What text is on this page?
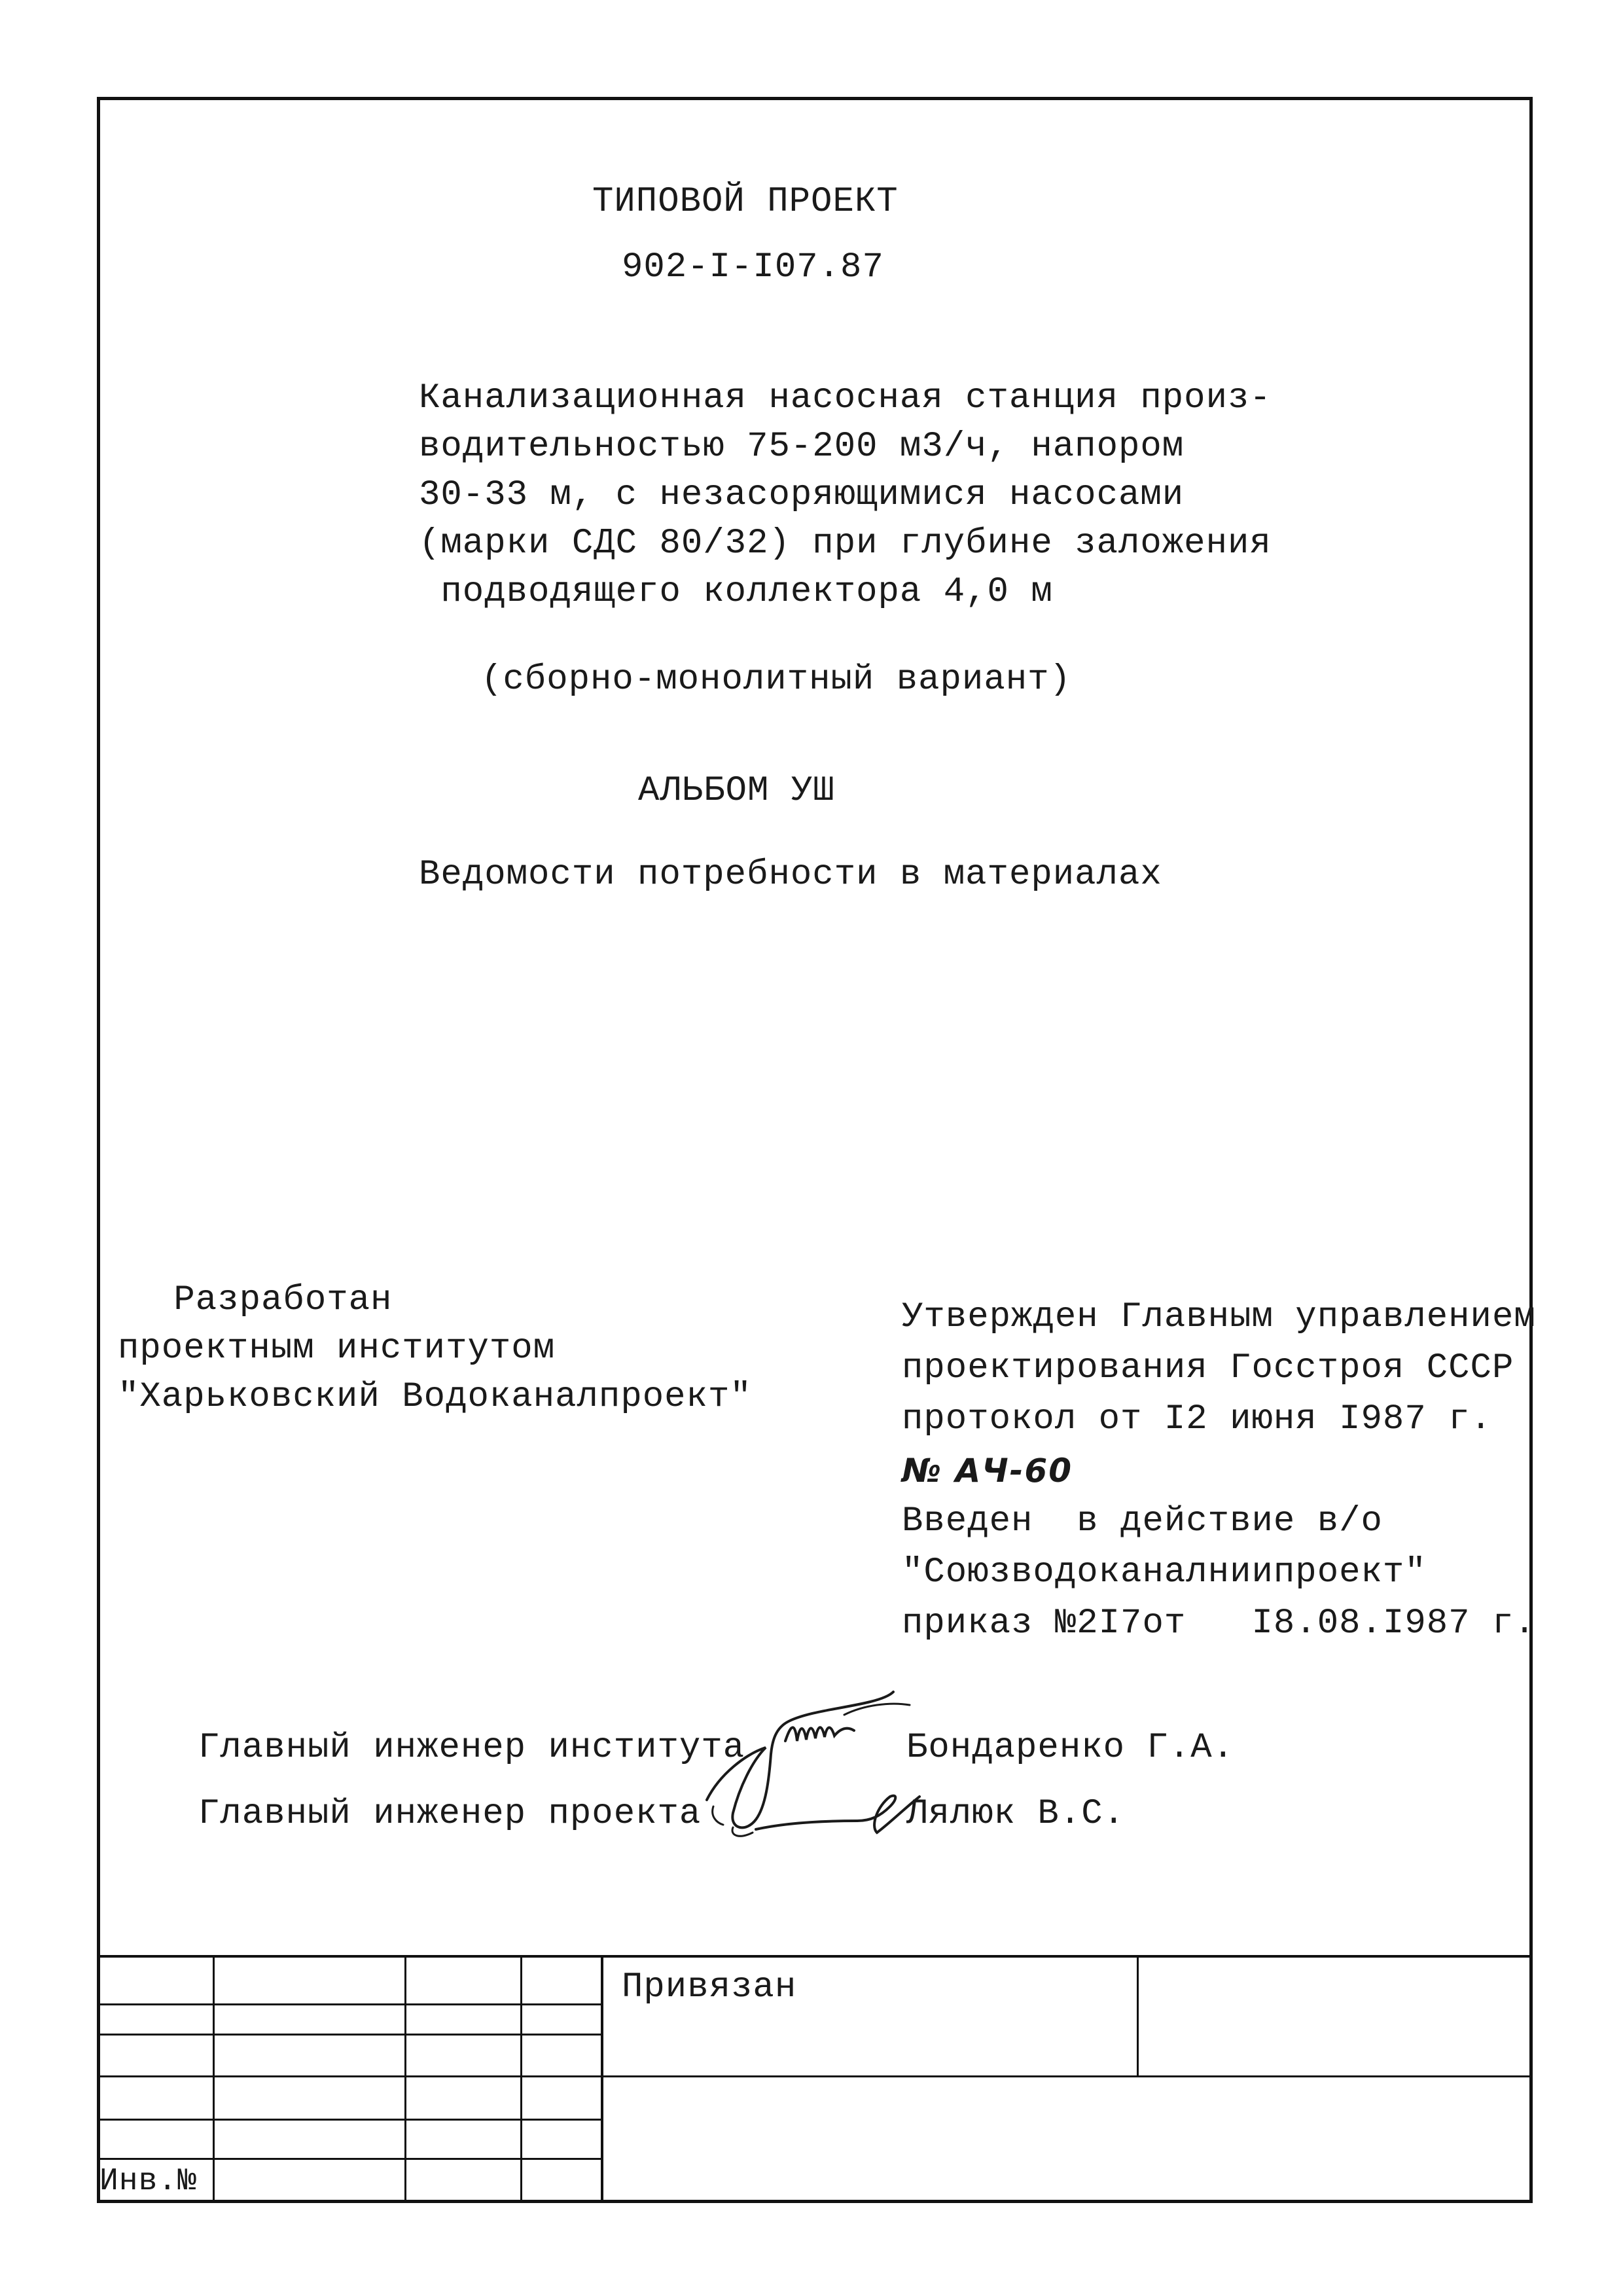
ТИПОВОЙ ПРОЕКТ
902-I-I07.87
Канализационная насосная станция произ-
водительностью 75-200 м3/ч, напором
30-33 м, с незасоряющимися насосами
(марки СДС 80/32) при глубине заложения
подводящего коллектора 4,0 м
(сборно-монолитный вариант)
АЛЬБОМ УШ
Ведомости потребности в материалах
Разработан
проектным институтом
"Харьковский Водоканалпроект"
Утвержден Главным управлением
проектирования Госстроя СССР
протокол от I2 июня I987 г.
№ АЧ-60
Введен  в действие в/о
"Союзводоканалниипроект"
приказ №2I7от   I8.08.I987 г.
Главный инженер института	Бондаренко Г.А.
Главный инженер проекта	Лялюк В.С.
Привязан
Инв.№
